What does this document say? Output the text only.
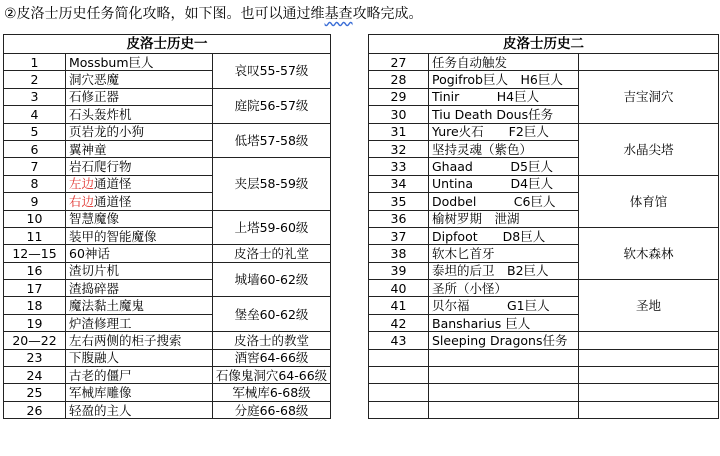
②皮洛士历史任务简化攻略，如下图。也可以通过维基查攻略完成。
皮洛士历史一		
1	Mossbum巨人	哀叹55-57级
2	洞穴恶魔	
3	石修正器	庭院56-57级
4	石头轰炸机	
5	页岩龙的小狗	低塔57-58级
6	翼神童	
7	岩石爬行物	夹层58-59级
8	左边通道怪	
9	右边通道怪	
10	智慧魔像	上塔59-60级
11	装甲的智能魔像	
12—15	60神话	皮洛士的礼堂
16	渣切片机	城墙60-62级
17	渣捣碎器	
18	魔法黏土魔鬼	堡垒60-62级
19	炉渣修理工	
20—22	左右两侧的柜子搜索	皮洛士的教堂
23	下腹融人	酒窖64-66级
24	古老的僵尸	石像鬼洞穴64-66级
25	军械库雕像	军械库6-68级
26	轻盈的主人	分庭66-68级
皮洛士历史二		
27	任务自动触发	
28	Pogifrob巨人　H6巨人	吉宝洞穴
29	Tinir　　　H4巨人	
30	Tiu Death Dous任务	
31	Yure火石　　F2巨人	水晶尖塔
32	坚持灵魂（紫色）	
33	Ghaad　　　D5巨人	
34	Untina　　　D4巨人	体育馆
35	Dodbel　　　C6巨人	
36	榆树罗期　泄湖	
37	Dipfoot　　D8巨人	软木森林
38	软木匕首牙	
39	泰坦的后卫　B2巨人	
40	圣所（小怪）	圣地
41	贝尔福　　　G1巨人	
42	Bansharius 巨人	
43	Sleeping Dragons任务	
